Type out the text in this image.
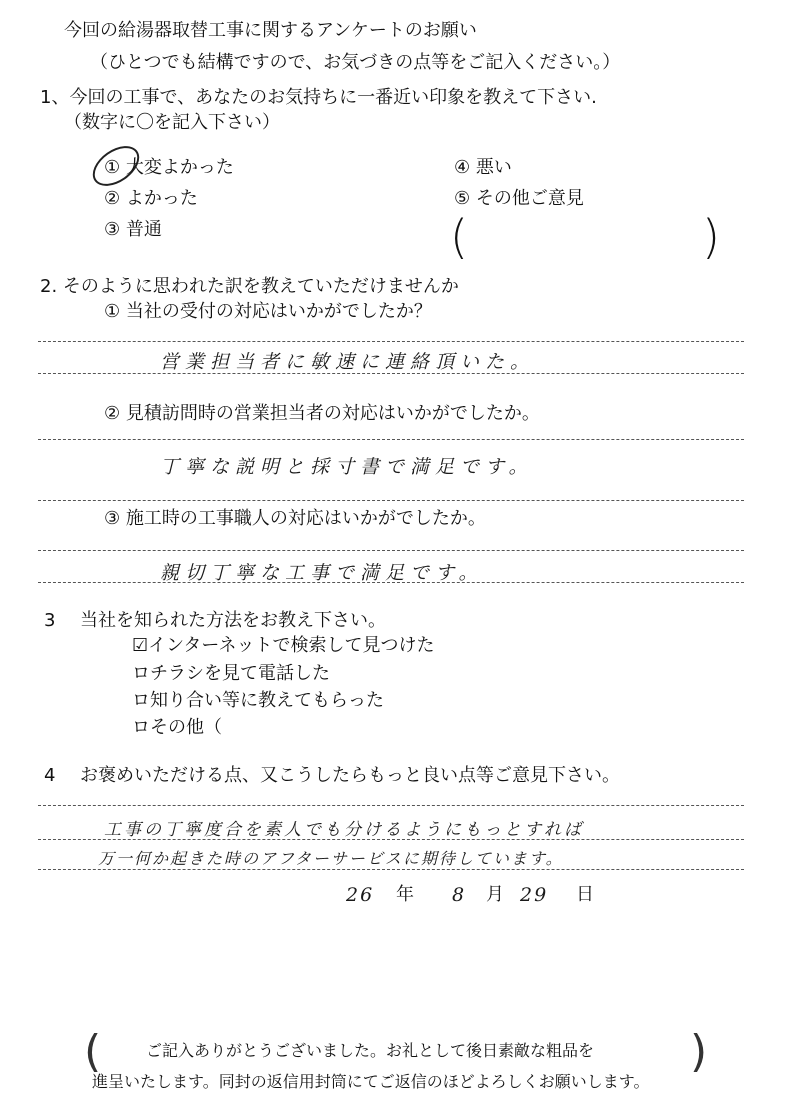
今回の給湯器取替工事に関するアンケートのお願い
（ひとつでも結構ですので、お気づきの点等をご記入ください。）
1、今回の工事で、あなたのお気持ちに一番近い印象を教えて下さい.
（数字に〇を記入下さい）
① 大変よかった
② よかった
③ 普通
④ 悪い
⑤ その他ご意見
(	)
2. そのように思われた訳を教えていただけませんか
① 当社の受付の対応はいかがでしたか？
営業担当者に敏速に連絡頂いた。
② 見積訪問時の営業担当者の対応はいかがでしたか。
丁寧な説明と採寸書で満足です。
③ 施工時の工事職人の対応はいかがでしたか。
親切丁寧な工事で満足です。
3 当社を知られた方法をお教え下さい。
☑インターネットで検索して見つけた
ロチラシを見て電話した
ロ知り合い等に教えてもらった
ロその他（
4 お褒めいただける点、又こうしたらもっと良い点等ご意見下さい。
工事の丁寧度合を素人でも分けるようにもっとすれば
万一何か起きた時のアフターサービスに期待しています。
26 年 8 月 29 日
(	ご記入ありがとうございました。お礼として後日素敵な粗品を
進呈いたします。同封の返信用封筒にてご返信のほどよろしくお願いします。
)
